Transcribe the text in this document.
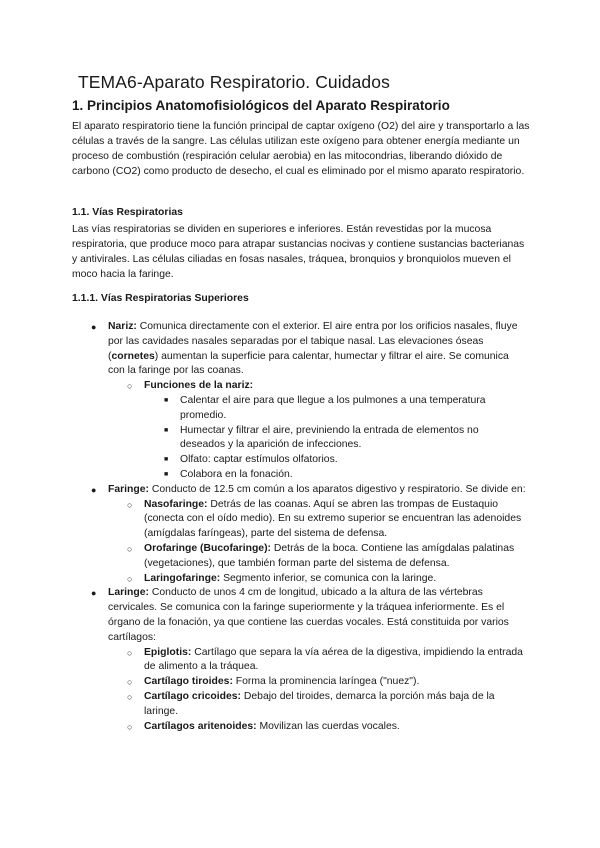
TEMA6-Aparato Respiratorio. Cuidados
1. Principios Anatomofisiológicos del Aparato Respiratorio

El aparato respiratorio tiene la función principal de captar oxígeno (O2) del aire y transportarlo a las células a través de la sangre. Las células utilizan este oxígeno para obtener energía mediante un proceso de combustión (respiración celular aerobia) en las mitocondrias, liberando dióxido de carbono (CO2) como producto de desecho, el cual es eliminado por el mismo aparato respiratorio.

1.1. Vías Respiratorias

Las vías respiratorias se dividen en superiores e inferiores. Están revestidas por la mucosa respiratoria, que produce moco para atrapar sustancias nocivas y contiene sustancias bacterianas y antivirales. Las células ciliadas en fosas nasales, tráquea, bronquios y bronquiolos mueven el moco hacia la faringe.

1.1.1. Vías Respiratorias Superiores
● Nariz: Comunica directamente con el exterior. El aire entra por los orificios nasales, fluye por las cavidades nasales separadas por el tabique nasal. Las elevaciones óseas (cornetes) aumentan la superficie para calentar, humectar y filtrar el aire. Se comunica con la faringe por las coanas.
○ Funciones de la nariz:
■ Calentar el aire para que llegue a los pulmones a una temperatura promedio.
■ Humectar y filtrar el aire, previniendo la entrada de elementos no deseados y la aparición de infecciones.
■ Olfato: captar estímulos olfatorios.
■ Colabora en la fonación.
● Faringe: Conducto de 12.5 cm común a los aparatos digestivo y respiratorio. Se divide en:
○ Nasofaringe: Detrás de las coanas. Aquí se abren las trompas de Eustaquio (conecta con el oído medio). En su extremo superior se encuentran las adenoides (amígdalas faríngeas), parte del sistema de defensa.
○ Orofaringe (Bucofaringe): Detrás de la boca. Contiene las amígdalas palatinas (vegetaciones), que también forman parte del sistema de defensa.
○ Laringofaringe: Segmento inferior, se comunica con la laringe.
● Laringe: Conducto de unos 4 cm de longitud, ubicado a la altura de las vértebras cervicales. Se comunica con la faringe superiormente y la tráquea inferiormente. Es el órgano de la fonación, ya que contiene las cuerdas vocales. Está constituida por varios cartílagos:
○ Epiglotis: Cartílago que separa la vía aérea de la digestiva, impidiendo la entrada de alimento a la tráquea.
○ Cartílago tiroides: Forma la prominencia laríngea ("nuez").
○ Cartílago cricoides: Debajo del tiroides, demarca la porción más baja de la laringe.
○ Cartílagos aritenoides: Movilizan las cuerdas vocales.
